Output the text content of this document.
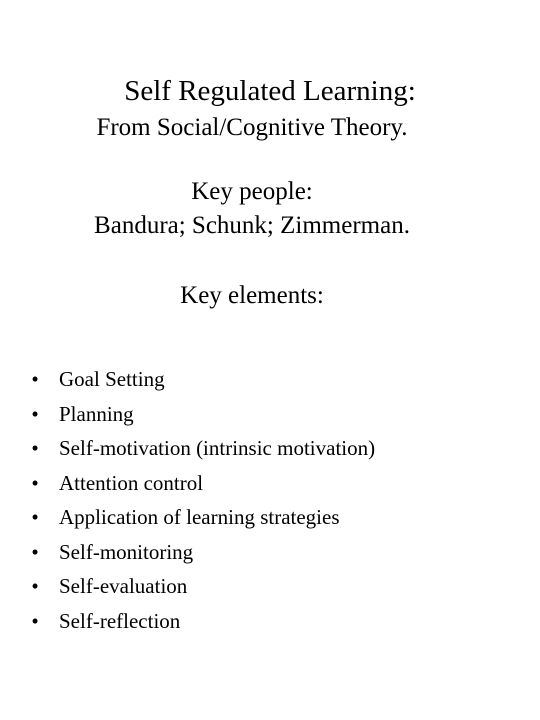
Self Regulated Learning:
From Social/Cognitive Theory.
Key people:
Bandura; Schunk; Zimmerman.
Key elements:
• Goal Setting
• Planning
• Self-motivation (intrinsic motivation)
• Attention control
• Application of learning strategies
• Self-monitoring
• Self-evaluation
• Self-reflection
